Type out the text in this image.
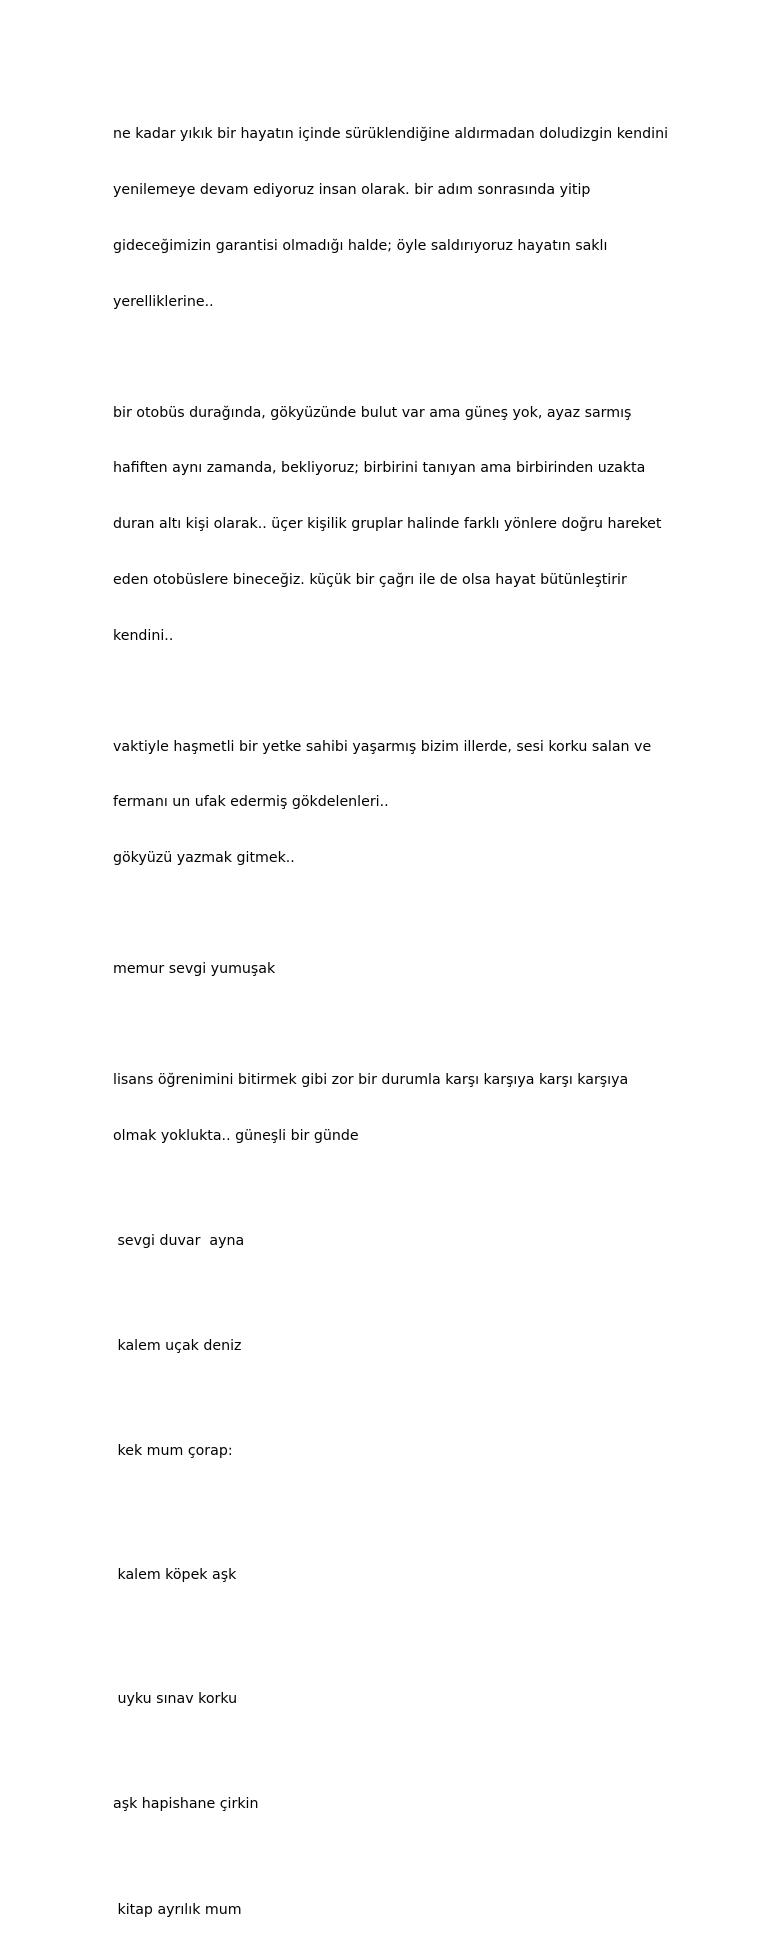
ne kadar yıkık bir hayatın içinde sürüklendiğine aldırmadan doludizgin kendini

yenilemeye devam ediyoruz insan olarak. bir adım sonrasında yitip

gideceğimizin garantisi olmadığı halde; öyle saldırıyoruz hayatın saklı

yerelliklerine..

bir otobüs durağında, gökyüzünde bulut var ama güneş yok, ayaz sarmış

hafiften aynı zamanda, bekliyoruz; birbirini tanıyan ama birbirinden uzakta

duran altı kişi olarak.. üçer kişilik gruplar halinde farklı yönlere doğru hareket

eden otobüslere bineceğiz. küçük bir çağrı ile de olsa hayat bütünleştirir

kendini..

vaktiyle haşmetli bir yetke sahibi yaşarmış bizim illerde, sesi korku salan ve

fermanı un ufak edermiş gökdelenleri..

gökyüzü yazmak gitmek..

memur sevgi yumuşak

lisans öğrenimini bitirmek gibi zor bir durumla karşı karşıya karşı karşıya

olmak yoklukta.. güneşli bir günde

sevgi duvar  ayna

kalem uçak deniz

kek mum çorap:

kalem köpek aşk

uyku sınav korku

aşk hapishane çirkin

kitap ayrılık mum
